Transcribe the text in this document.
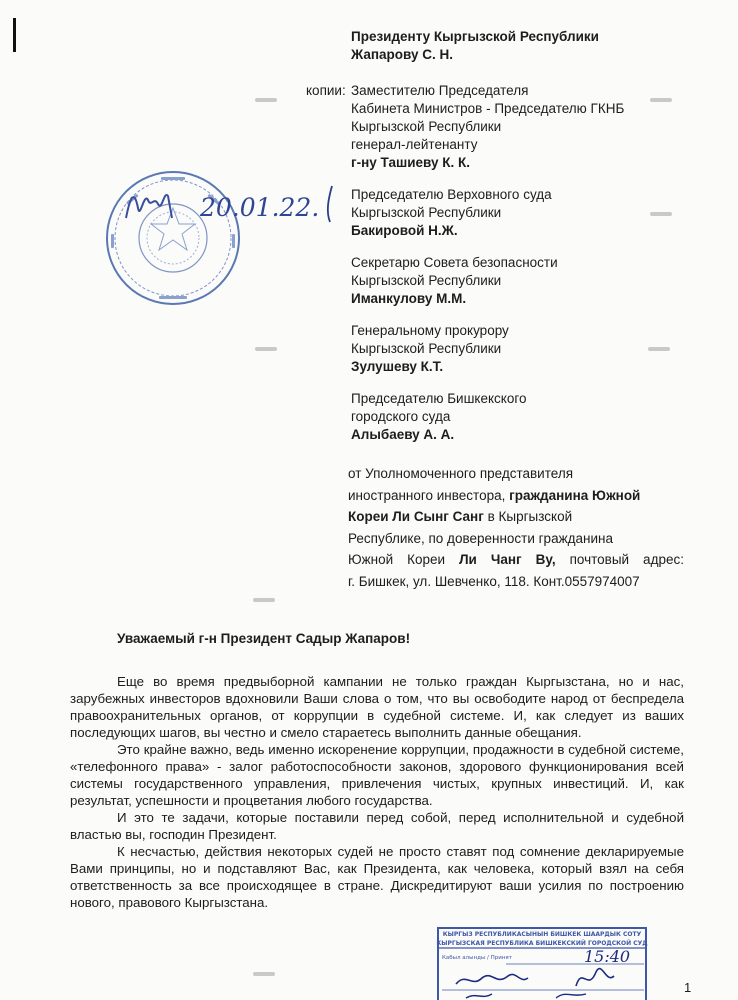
Президенту Кыргызской Республики
Жапарову С. Н.
копии: Заместителю Председателя
Кабинета Министров - Председателю ГКНБ
Кыргызской Республики
генерал-лейтенанту
г-ну Ташиеву К. К.
Председателю Верховного суда
Кыргызской Республики
Бакировой Н.Ж.
Секретарю Совета безопасности
Кыргызской Республики
Иманкулову М.М.
Генеральному прокурору
Кыргызской Республики
Зулушеву К.Т.
Председателю Бишкекского
городского суда
Алыбаеву А. А.
20.01.22.
от Уполномоченного представителя
иностранного инвестора, гражданина Южной
Кореи Ли Сынг Санг в Кыргызской
Республике, по доверенности гражданина
Южной Кореи Ли Чанг Ву, почтовый адрес:
г. Бишкек, ул. Шевченко, 118. Конт.0557974007
Уважаемый г-н Президент Садыр Жапаров!

Еще во время предвыборной кампании не только граждан Кыргызстана, но и нас, зарубежных инвесторов вдохновили Ваши слова о том, что вы освободите народ от беспредела правоохранительных органов, от коррупции в судебной системе. И, как следует из ваших последующих шагов, вы честно и смело стараетесь выполнить данные обещания.

Это крайне важно, ведь именно искоренение коррупции, продажности в судебной системе, «телефонного права» - залог работоспособности законов, здорового функционирования всей системы государственного управления, привлечения чистых, крупных инвестиций. И, как результат, успешности и процветания любого государства.

И это те задачи, которые поставили перед собой, перед исполнительной и судебной властью вы, господин Президент.

К несчастью, действия некоторых судей не просто ставят под сомнение декларируемые Вами принципы, но и подставляют Вас, как Президента, как человека, который взял на себя ответственность за все происходящее в стране. Дискредитируют ваши усилия по построению нового, правового Кыргызстана.

КЫРГЫЗ РЕСПУБЛИКАСЫНЫН БИШКЕК ШААРДЫК СОТУ
КЫРГЫЗСКАЯ РЕСПУБЛИКА БИШКЕКСКИЙ ГОРОДСКОЙ СУД
Кабыл алынды / Принят	15:40
1
